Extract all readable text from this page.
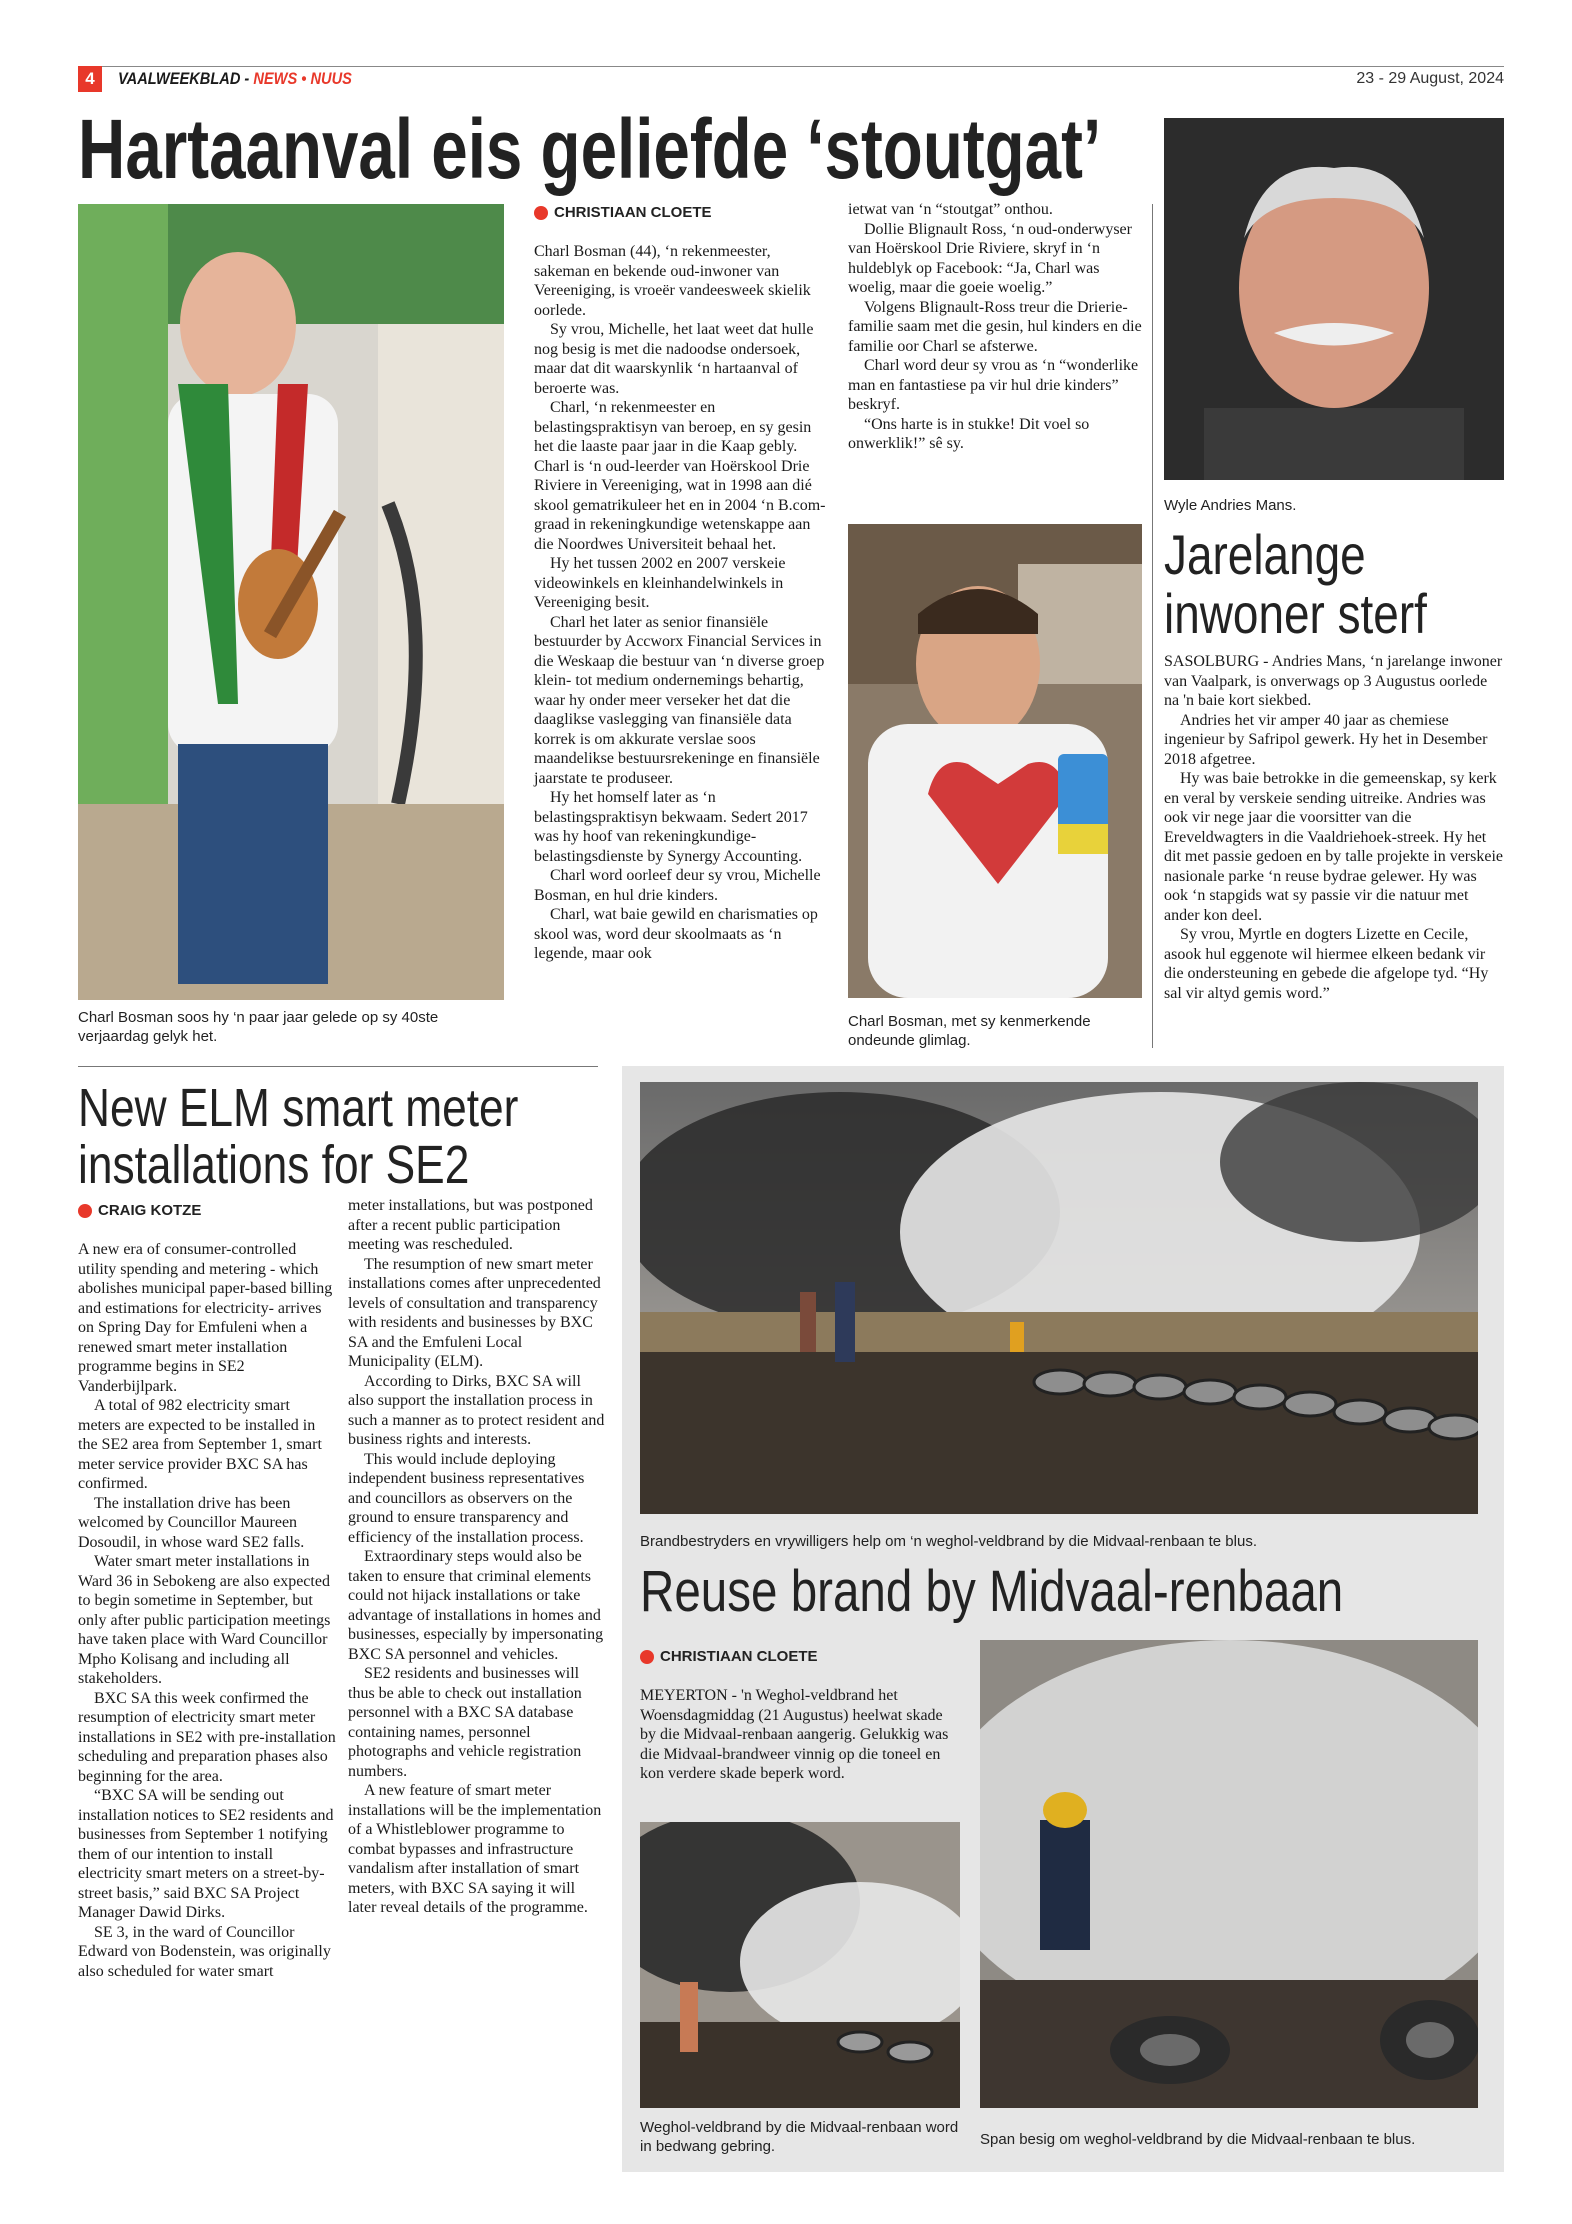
4	VAALWEEKBLAD - NEWS • NUUS	23 - 29 August, 2024
Hartaanval eis geliefde ‘stoutgat’
Charl Bosman soos hy ‘n paar jaar gelede op sy 40ste verjaardag gelyk het.
CHRISTIAAN CLOETE

Charl Bosman (44), ‘n rekenmeester, sakeman en bekende oud-inwoner van Vereeniging, is vroeër vandeesweek skielik oorlede.

Sy vrou, Michelle, het laat weet dat hulle nog besig is met die nadoodse ondersoek, maar dat dit waarskynlik ‘n hartaanval of beroerte was.

Charl, ‘n rekenmeester en belastingspraktisyn van beroep, en sy gesin het die laaste paar jaar in die Kaap gebly. Charl is ‘n oud-leerder van Hoërskool Drie Riviere in Vereeniging, wat in 1998 aan dié skool gematrikuleer het en in 2004 ‘n B.com-graad in rekeningkundige wetenskappe aan die Noordwes Universiteit behaal het.

Hy het tussen 2002 en 2007 verskeie videowinkels en kleinhandelwinkels in Vereeniging besit.

Charl het later as senior finansiële bestuurder by Accworx Financial Services in die Weskaap die bestuur van ‘n diverse groep klein- tot medium ondernemings behartig, waar hy onder meer verseker het dat die daaglikse vaslegging van finansiële data korrek is om akkurate verslae soos maandelikse bestuursrekeninge en finansiële jaarstate te produseer.

Hy het homself later as ‘n belastingspraktisyn bekwaam. Sedert 2017 was hy hoof van rekeningkundige- belastingsdienste by Synergy Accounting.

Charl word oorleef deur sy vrou, Michelle Bosman, en hul drie kinders.

Charl, wat baie gewild en charismaties op skool was, word deur skoolmaats as ‘n legende, maar ook

ietwat van ‘n “stoutgat” onthou.

Dollie Blignault Ross, ‘n oud-onderwyser van Hoërskool Drie Riviere, skryf in ‘n huldeblyk op Facebook: “Ja, Charl was woelig, maar die goeie woelig.”

Volgens Blignault-Ross treur die Drierie-familie saam met die gesin, hul kinders en die familie oor Charl se afsterwe.

Charl word deur sy vrou as ‘n “wonderlike man en fantastiese pa vir hul drie kinders” beskryf.

“Ons harte is in stukke! Dit voel so onwerklik!” sê sy.

Charl Bosman, met sy kenmerkende ondeunde glimlag.
Wyle Andries Mans.
Jarelange
inwoner sterf

SASOLBURG - Andries Mans, ‘n jarelange inwoner van Vaalpark, is onverwags op 3 Augustus oorlede na 'n baie kort siekbed.

Andries het vir amper 40 jaar as chemiese ingenieur by Safripol gewerk. Hy het in Desember 2018 afgetree.

Hy was baie betrokke in die gemeenskap, sy kerk en veral by verskeie sending uitreike. Andries was ook vir nege jaar die voorsitter van die Ereveldwagters in die Vaaldriehoek-streek. Hy het dit met passie gedoen en by talle projekte in verskeie nasionale parke ‘n reuse bydrae gelewer. Hy was ook ‘n stapgids wat sy passie vir die natuur met ander kon deel.

Sy vrou, Myrtle en dogters Lizette en Cecile, asook hul eggenote wil hiermee elkeen bedank vir die ondersteuning en gebede die afgelope tyd. “Hy sal vir altyd gemis word.”

New ELM smart meter
installations for SE2
CRAIG KOTZE

A new era of consumer-controlled utility spending and metering - which abolishes municipal paper-based billing and estimations for electricity- arrives on Spring Day for Emfuleni when a renewed smart meter installation programme begins in SE2 Vanderbijlpark.

A total of 982 electricity smart meters are expected to be installed in the SE2 area from September 1, smart meter service provider BXC SA has confirmed.

The installation drive has been welcomed by Councillor Maureen Dosoudil, in whose ward SE2 falls.

Water smart meter installations in Ward 36 in Sebokeng are also expected to begin sometime in September, but only after public participation meetings have taken place with Ward Councillor Mpho Kolisang and including all stakeholders.

BXC SA this week confirmed the resumption of electricity smart meter installations in SE2 with pre-installation scheduling and preparation phases also beginning for the area.

“BXC SA will be sending out installation notices to SE2 residents and businesses from September 1 notifying them of our intention to install electricity smart meters on a street-by-street basis,” said BXC SA Project Manager Dawid Dirks.

SE 3, in the ward of Councillor Edward von Bodenstein, was originally also scheduled for water smart

meter installations, but was postponed after a recent public participation meeting was rescheduled.

The resumption of new smart meter installations comes after unprecedented levels of consultation and transparency with residents and businesses by BXC SA and the Emfuleni Local Municipality (ELM).

According to Dirks, BXC SA will also support the installation process in such a manner as to protect resident and business rights and interests.

This would include deploying independent business representatives and councillors as observers on the ground to ensure transparency and efficiency of the installation process.

Extraordinary steps would also be taken to ensure that criminal elements could not hijack installations or take advantage of installations in homes and businesses, especially by impersonating BXC SA personnel and vehicles.

SE2 residents and businesses will thus be able to check out installation personnel with a BXC SA database containing names, personnel photographs and vehicle registration numbers.

A new feature of smart meter installations will be the implementation of a Whistleblower programme to combat bypasses and infrastructure vandalism after installation of smart meters, with BXC SA saying it will later reveal details of the programme.

Brandbestryders en vrywilligers help om ‘n weghol-veldbrand by die Midvaal-renbaan te blus.
Reuse brand by Midvaal-renbaan
CHRISTIAAN CLOETE

MEYERTON - 'n Weghol-veldbrand het Woensdagmiddag (21 Augustus) heelwat skade by die Midvaal-renbaan aangerig. Gelukkig was die Midvaal-brandweer vinnig op die toneel en kon verdere skade beperk word.

Weghol-veldbrand by die Midvaal-renbaan word in bedwang gebring.	Span besig om weghol-veldbrand by die Midvaal-renbaan te blus.
